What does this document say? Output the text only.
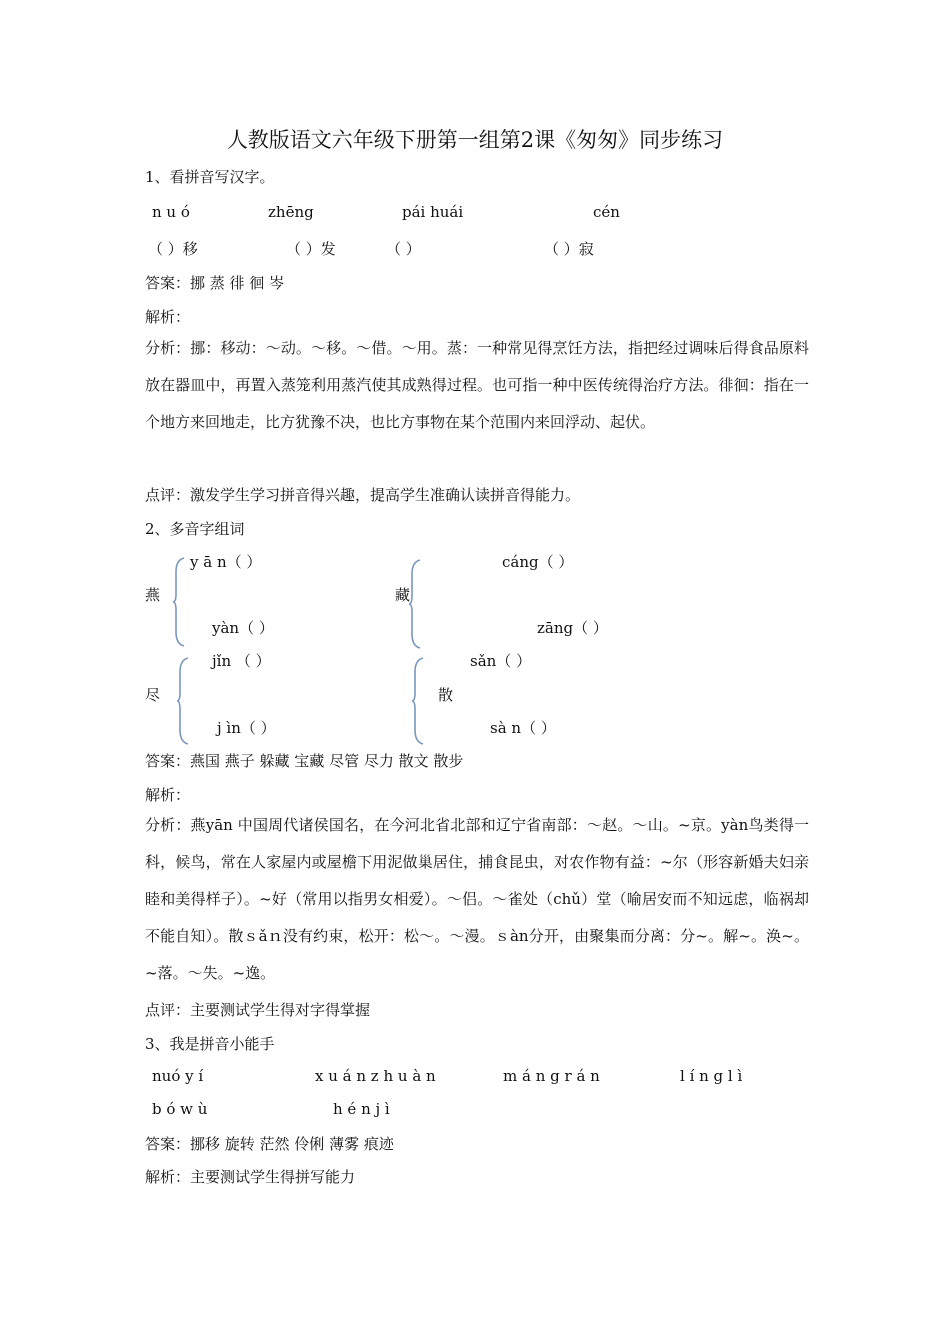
人教版语文六年级下册第一组第2课《匆匆》同步练习
1、看拼音写汉字。
n u ó	zhēng	pái huái	cén
（ ）移	（ ）发	（ ）	（ ）寂
答案：挪 蒸 徘 徊 岑
解析：
分析：挪：移动：～动。～移。～借。～用。蒸：一种常见得烹饪方法，指把经过调味后得食品原料放在器皿中，再置入蒸笼利用蒸汽使其成熟得过程。也可指一种中医传统得治疗方法。徘徊：指在一个地方来回地走，比方犹豫不决，也比方事物在某个范围内来回浮动、起伏。
点评：激发学生学习拼音得兴趣，提高学生准确认读拼音得能力。
2、多音字组词
燕
y ā n（ ）
yàn（ ）
藏
cáng（ ）
zāng（ ）
尽
jǐn （ ）
j ìn（ ）
散
sǎn（ ）
sà n（ ）
答案：燕国 燕子 躲藏 宝藏 尽管 尽力 散文 散步
解析：
分析：燕yān 中国周代诸侯国名，在今河北省北部和辽宁省南部：～赵。～山。~京。yàn鸟类得一科，候鸟，常在人家屋内或屋檐下用泥做巢居住，捕食昆虫，对农作物有益：~尔（形容新婚夫妇亲睦和美得样子）。~好（常用以指男女相爱）。～侣。～雀处（chǔ）堂（喻居安而不知远虑，临祸却不能自知）。散ｓǎｎ没有约束，松开：松～。～漫。ｓàn分开，由聚集而分离：分~。解~。涣~。~落。～失。~逸。
点评：主要测试学生得对字得掌握
3、我是拼音小能手
nuó y í	x u á n z h u à n	m á n g r á n	l í n g l ì
b ó w ù	h é n j ì
答案：挪移 旋转 茫然 伶俐 薄雾 痕迹
解析：主要测试学生得拼写能力
